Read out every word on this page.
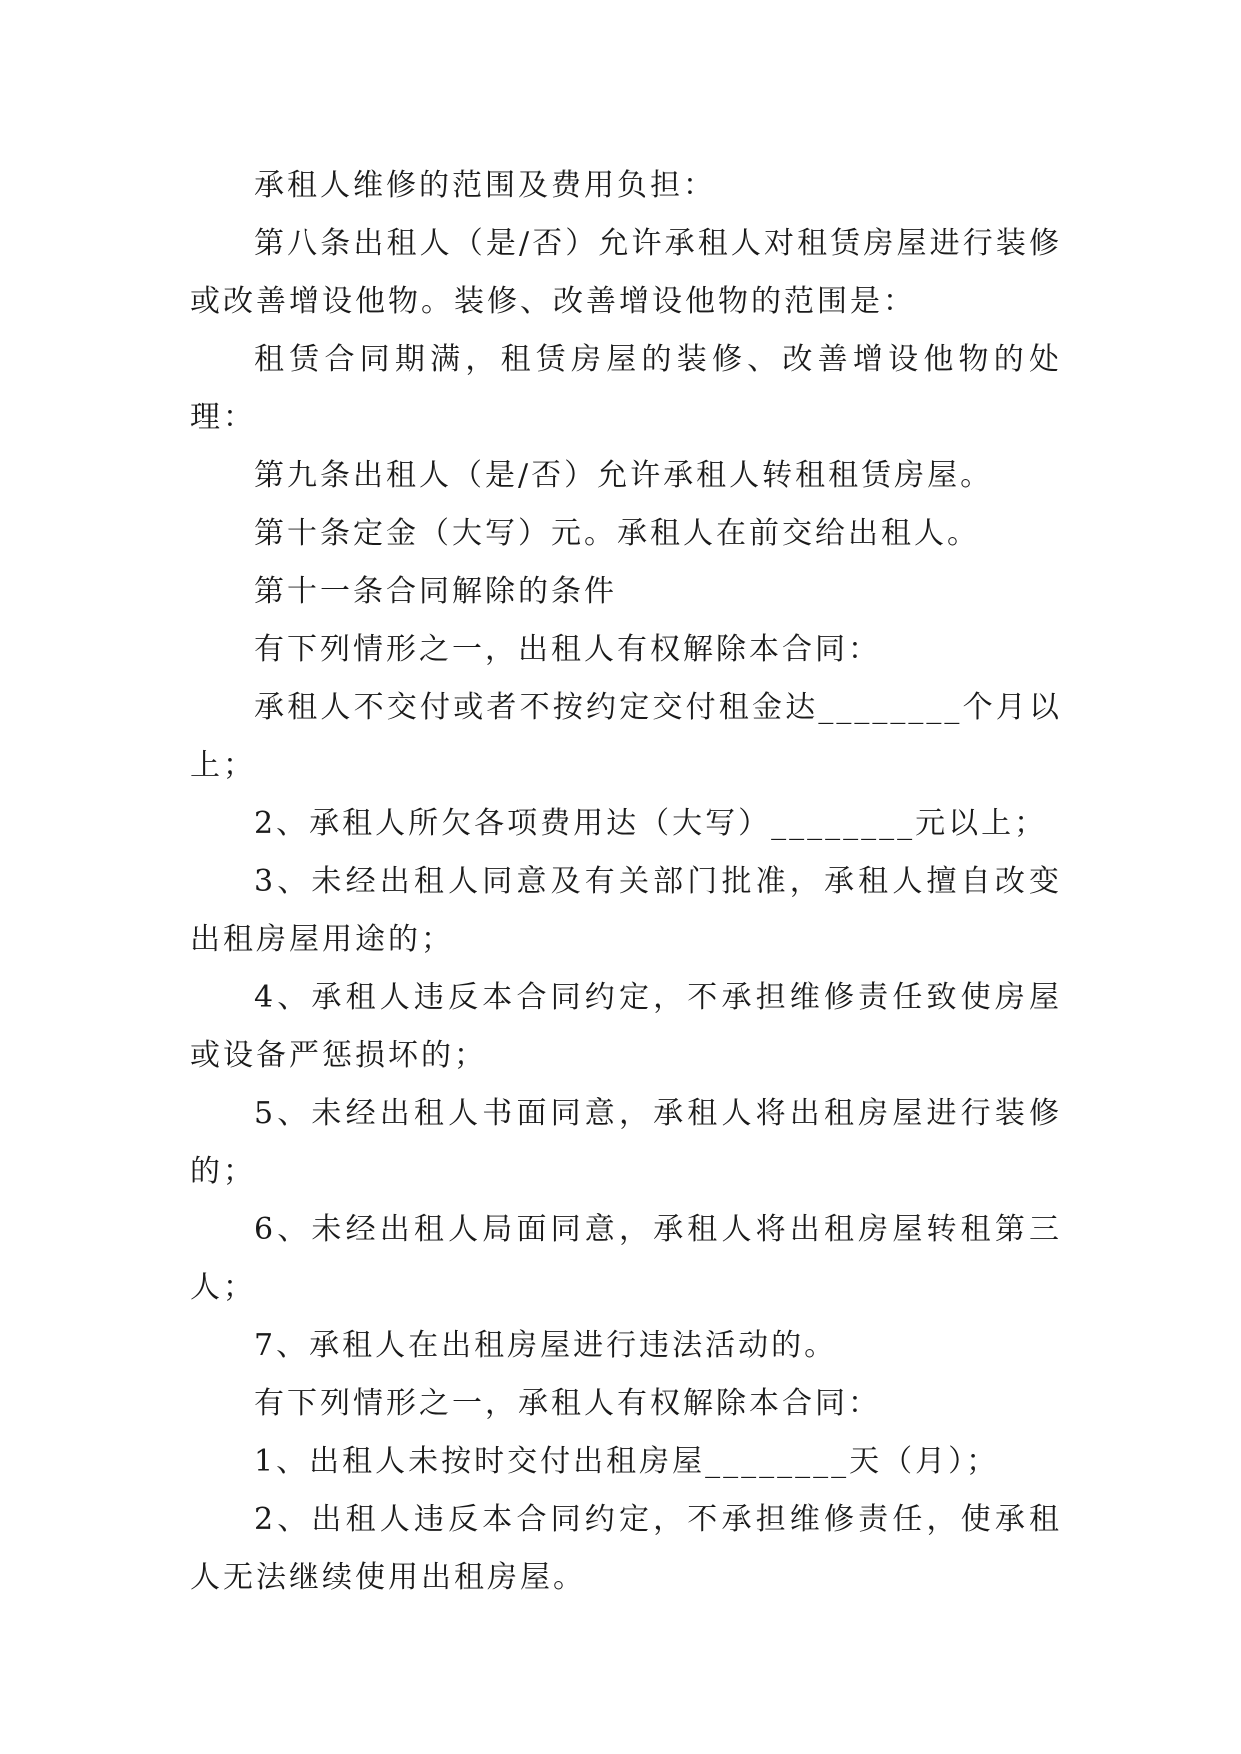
承租人维修的范围及费用负担：

第八条出租人（是/否）允许承租人对租赁房屋进行装修或改善增设他物。装修、改善增设他物的范围是：

租赁合同期满，租赁房屋的装修、改善增设他物的处理：

第九条出租人（是/否）允许承租人转租租赁房屋。

第十条定金（大写）元。承租人在前交给出租人。

第十一条合同解除的条件

有下列情形之一，出租人有权解除本合同：

承租人不交付或者不按约定交付租金达________个月以上；

2、承租人所欠各项费用达（大写）________元以上；

3、未经出租人同意及有关部门批准，承租人擅自改变出租房屋用途的；

4、承租人违反本合同约定，不承担维修责任致使房屋或设备严惩损坏的；

5、未经出租人书面同意，承租人将出租房屋进行装修的；

6、未经出租人局面同意，承租人将出租房屋转租第三人；

7、承租人在出租房屋进行违法活动的。

有下列情形之一，承租人有权解除本合同：

1、出租人未按时交付出租房屋________天（月）；

2、出租人违反本合同约定，不承担维修责任，使承租人无法继续使用出租房屋。
